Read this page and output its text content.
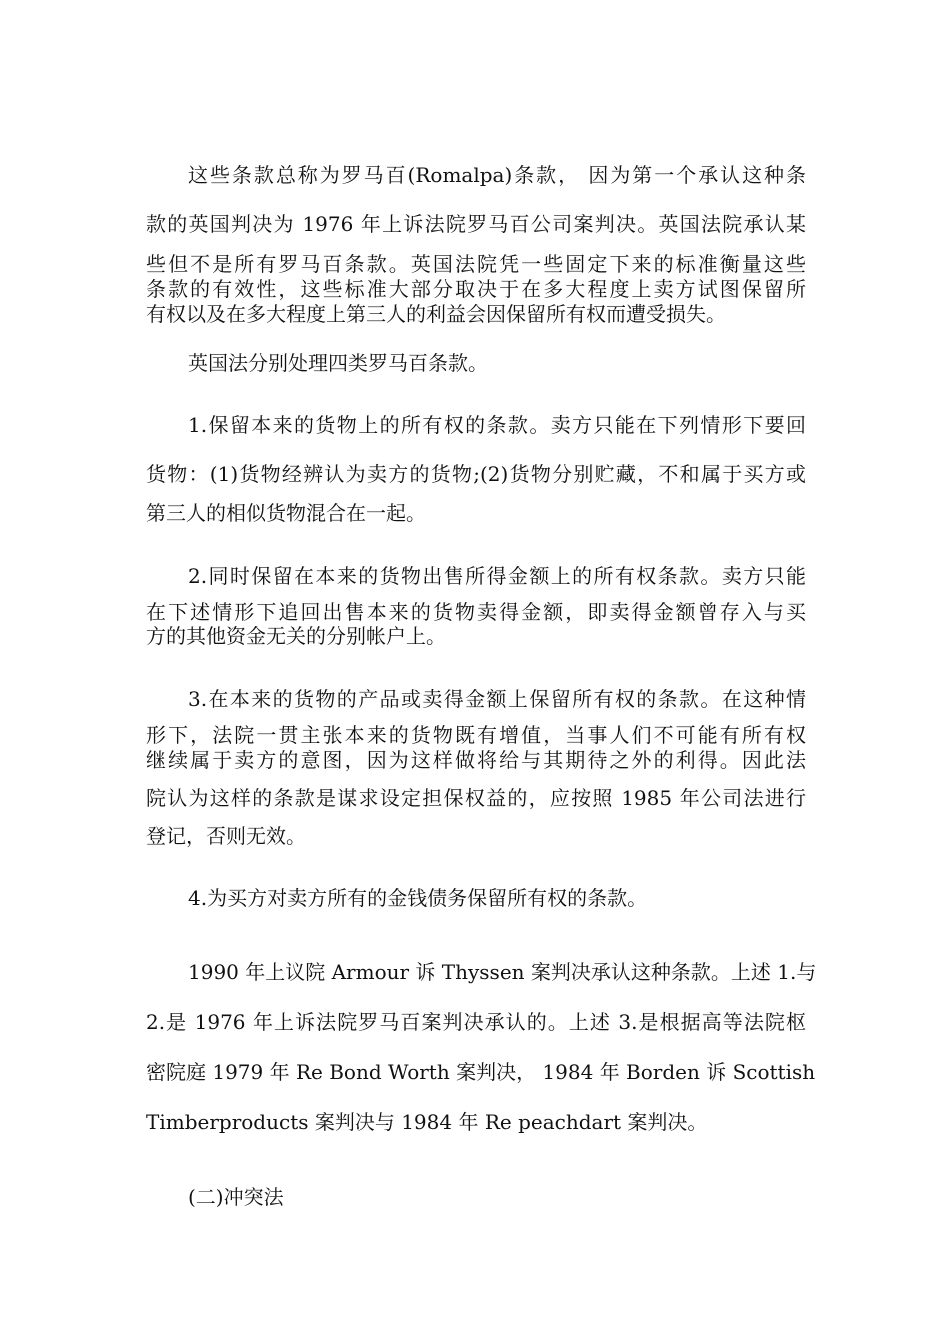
这些条款总称为罗马百(Romalpa)条款， 因为第一个承认这种条

款的英国判决为 1976 年上诉法院罗马百公司案判决。英国法院承认某

些但不是所有罗马百条款。英国法院凭一些固定下来的标准衡量这些

条款的有效性，这些标准大部分取决于在多大程度上卖方试图保留所

有权以及在多大程度上第三人的利益会因保留所有权而遭受损失。

英国法分别处理四类罗马百条款。

1.保留本来的货物上的所有权的条款。卖方只能在下列情形下要回

货物：(1)货物经辨认为卖方的货物;(2)货物分别贮藏，不和属于买方或

第三人的相似货物混合在一起。

2.同时保留在本来的货物出售所得金额上的所有权条款。卖方只能

在下述情形下追回出售本来的货物卖得金额，即卖得金额曾存入与买

方的其他资金无关的分别帐户上。

3.在本来的货物的产品或卖得金额上保留所有权的条款。在这种情

形下，法院一贯主张本来的货物既有增值，当事人们不可能有所有权

继续属于卖方的意图，因为这样做将给与其期待之外的利得。因此法

院认为这样的条款是谋求设定担保权益的，应按照 1985 年公司法进行

登记，否则无效。

4.为买方对卖方所有的金钱债务保留所有权的条款。

1990 年上议院 Armour 诉 Thyssen 案判决承认这种条款。上述 1.与

2.是 1976 年上诉法院罗马百案判决承认的。上述 3.是根据高等法院枢

密院庭 1979 年 Re Bond Worth 案判决， 1984 年 Borden 诉 Scottish

Timberproducts 案判决与 1984 年 Re peachdart 案判决。

(二)冲突法
